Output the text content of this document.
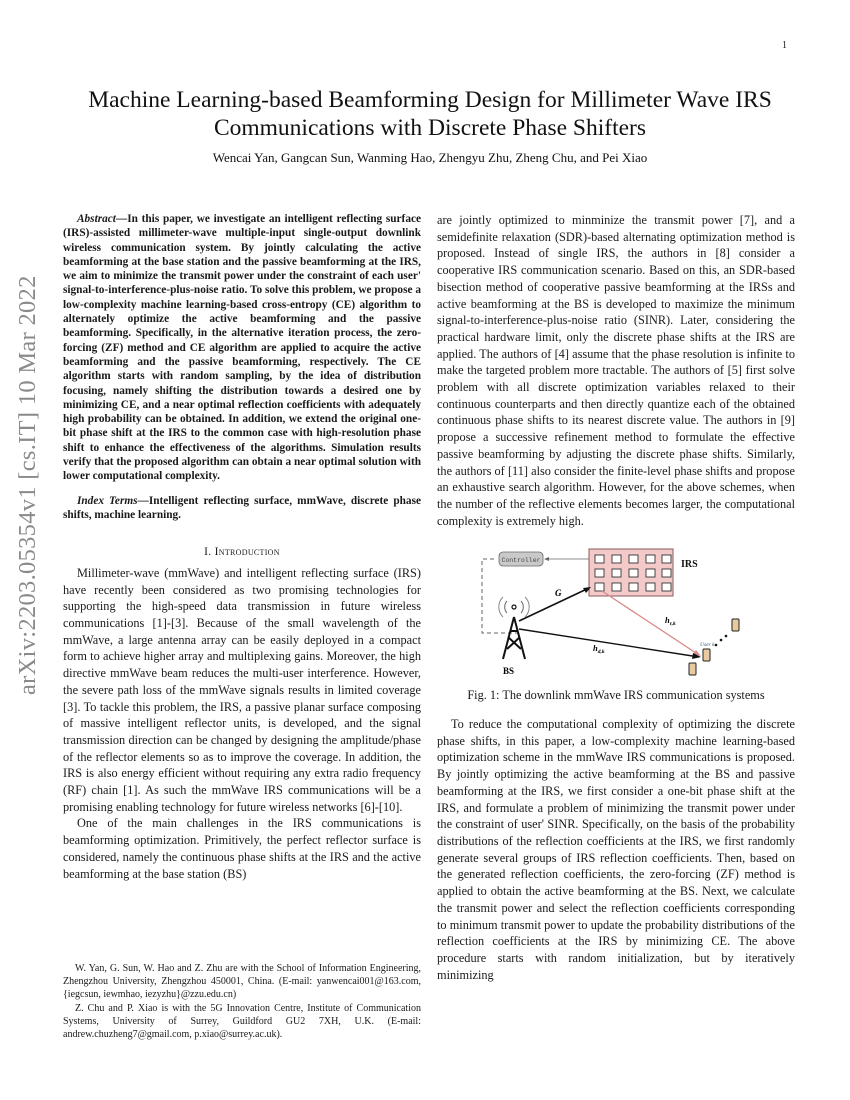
1
arXiv:2203.05354v1 [cs.IT] 10 Mar 2022
Machine Learning-based Beamforming Design for Millimeter Wave IRS
Communications with Discrete Phase Shifters
Wencai Yan, Gangcan Sun, Wanming Hao, Zhengyu Zhu, Zheng Chu, and Pei Xiao

Abstract—In this paper, we investigate an intelligent reflecting surface (IRS)-assisted millimeter-wave multiple-input single-output downlink wireless communication system. By jointly calculating the active beamforming at the base station and the passive beamforming at the IRS, we aim to minimize the transmit power under the constraint of each user' signal-to-interference-plus-noise ratio. To solve this problem, we propose a low-complexity machine learning-based cross-entropy (CE) algorithm to alternately optimize the active beamforming and the passive beamforming. Specifically, in the alternative iteration process, the zero-forcing (ZF) method and CE algorithm are applied to acquire the active beamforming and the passive beamforming, respectively. The CE algorithm starts with random sampling, by the idea of distribution focusing, namely shifting the distribution towards a desired one by minimizing CE, and a near optimal reflection coefficients with adequately high probability can be obtained. In addition, we extend the original one-bit phase shift at the IRS to the common case with high-resolution phase shift to enhance the effectiveness of the algorithms. Simulation results verify that the proposed algorithm can obtain a near optimal solution with lower computational complexity.

Index Terms—Intelligent reflecting surface, mmWave, discrete phase shifts, machine learning.

I. Introduction

Millimeter-wave (mmWave) and intelligent reflecting surface (IRS) have recently been considered as two promising technologies for supporting the high-speed data transmission in future wireless communications [1]-[3]. Because of the small wavelength of the mmWave, a large antenna array can be easily deployed in a compact form to achieve higher array and multiplexing gains. Moreover, the high directive mmWave beam reduces the multi-user interference. However, the severe path loss of the mmWave signals results in limited coverage [3]. To tackle this problem, the IRS, a passive planar surface composing of massive intelligent reflector units, is developed, and the signal transmission direction can be changed by designing the amplitude/phase of the reflector elements so as to improve the coverage. In addition, the IRS is also energy efficient without requiring any extra radio frequency (RF) chain [1]. As such the mmWave IRS communications will be a promising enabling technology for future wireless networks [6]-[10].

One of the main challenges in the IRS communications is beamforming optimization. Primitively, the perfect reflector surface is considered, namely the continuous phase shifts at the IRS and the active beamforming at the base station (BS)

W. Yan, G. Sun, W. Hao and Z. Zhu are with the School of Information Engineering, Zhengzhou University, Zhengzhou 450001, China. (E-mail: yanwencai001@163.com, {iegcsun, iewmhao, iezyzhu}@zzu.edu.cn)

Z. Chu and P. Xiao is with the 5G Innovation Centre, Institute of Communication Systems, University of Surrey, Guildford GU2 7XH, U.K. (E-mail: andrew.chuzheng7@gmail.com, p.xiao@surrey.ac.uk).

are jointly optimized to minminize the transmit power [7], and a semidefinite relaxation (SDR)-based alternating optimization method is proposed. Instead of single IRS, the authors in [8] consider a cooperative IRS communication scenario. Based on this, an SDR-based bisection method of cooperative passive beamforming at the IRSs and active beamforming at the BS is developed to maximize the minimum signal-to-interference-plus-noise ratio (SINR). Later, considering the practical hardware limit, only the discrete phase shifts at the IRS are applied. The authors of [4] assume that the phase resolution is infinite to make the targeted problem more tractable. The authors of [5] first solve problem with all discrete optimization variables relaxed to their continuous counterparts and then directly quantize each of the obtained continuous phase shifts to its nearest discrete value. The authors in [9] propose a successive refinement method to formulate the effective passive beamforming by adjusting the discrete phase shifts. Similarly, the authors of [11] also consider the finite-level phase shifts and propose an exhaustive search algorithm. However, for the above schemes, when the number of the reflective elements becomes larger, the computational complexity is extremely high.

Controller	IRS
G
$h_{r,k}$
$h_{d,k}$
BS
User k
Fig. 1: The downlink mmWave IRS communication systems

To reduce the computational complexity of optimizing the discrete phase shifts, in this paper, a low-complexity machine learning-based optimization scheme in the mmWave IRS communications is proposed. By jointly optimizing the active beamforming at the BS and passive beamforming at the IRS, we first consider a one-bit phase shift at the IRS, and formulate a problem of minimizing the transmit power under the constraint of user' SINR. Specifically, on the basis of the probability distributions of the reflection coefficients at the IRS, we first randomly generate several groups of IRS reflection coefficients. Then, based on the generated reflection coefficients, the zero-forcing (ZF) method is applied to obtain the active beamforming at the BS. Next, we calculate the transmit power and select the reflection coefficients corresponding to minimum transmit power to update the probability distributions of the reflection coefficients at the IRS by minimizing CE. The above procedure starts with random initialization, but by iteratively minimizing
